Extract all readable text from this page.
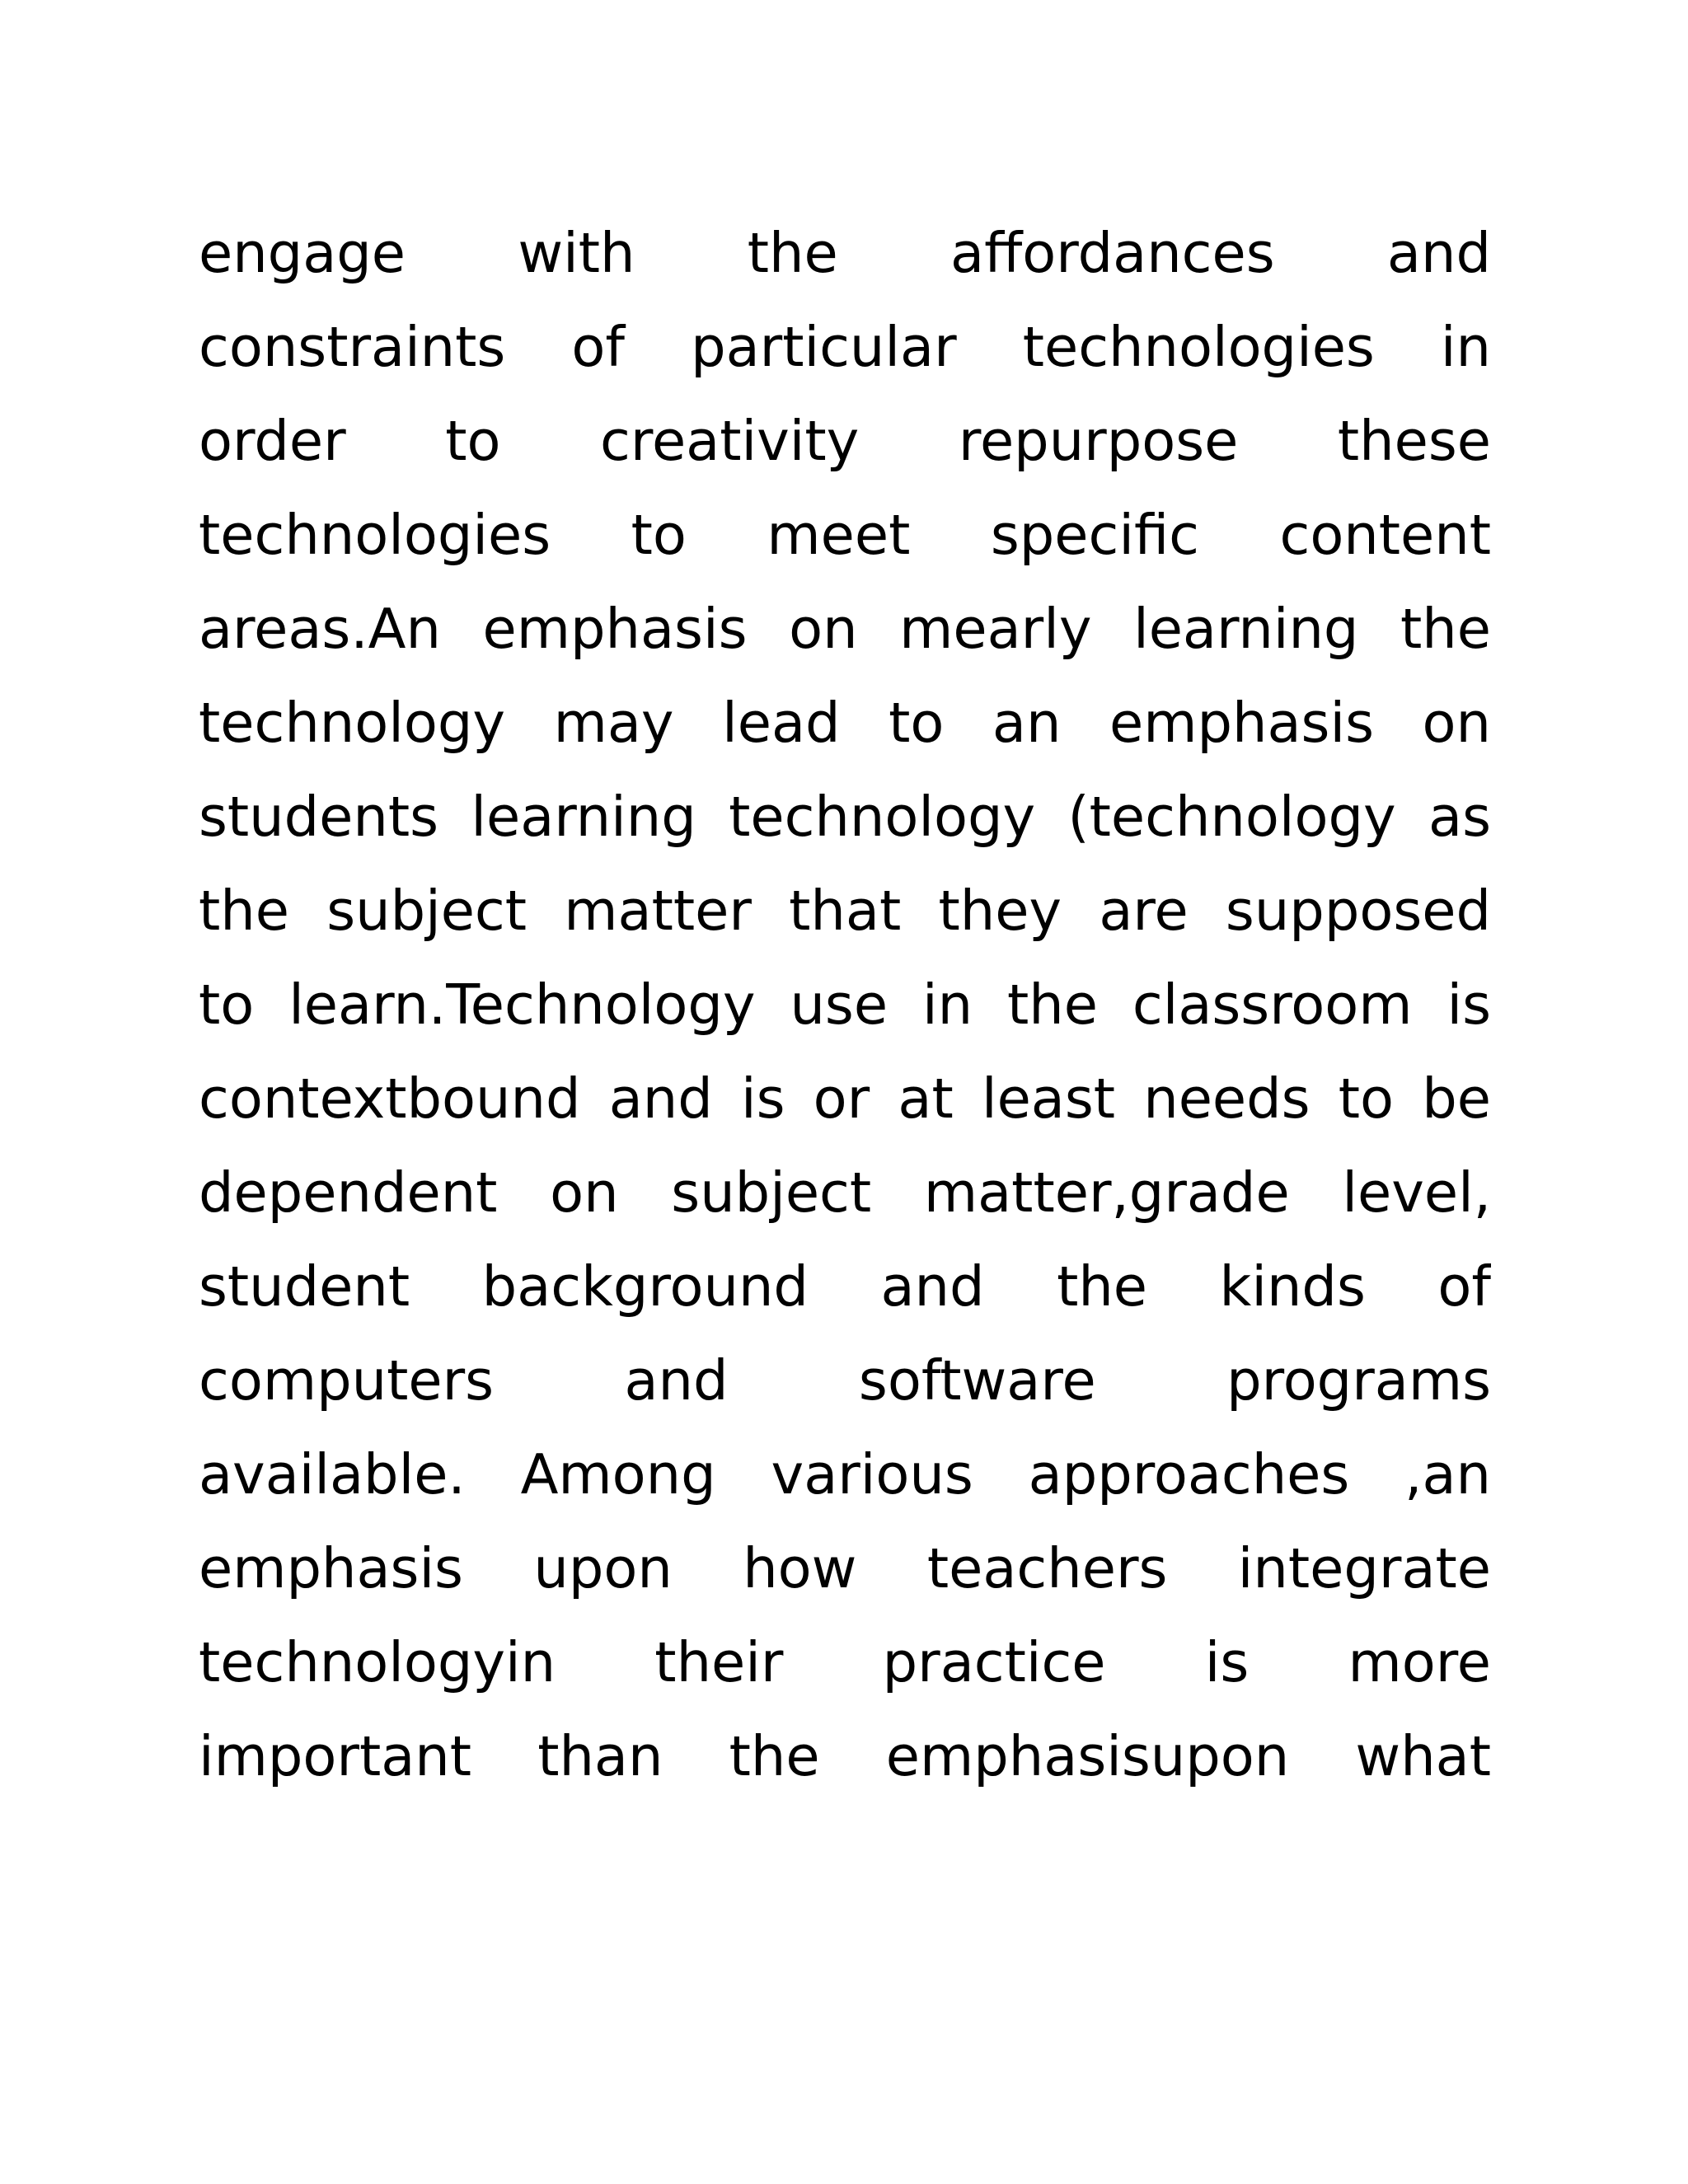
engage with the affordances and
constraints of particular technologies in
order to creativity repurpose these
technologies to meet specific content
areas.An emphasis on mearly learning the
technology may lead to an emphasis on
students learning technology (technology as
the subject matter that they are supposed
to learn.Technology use in the classroom is
contextbound and is or at least needs to be
dependent on subject matter,grade level,
student background and the kinds of
computers and software programs
available. Among various approaches ,an
emphasis upon how teachers integrate
technologyin their practice is more
important than the emphasisupon what
